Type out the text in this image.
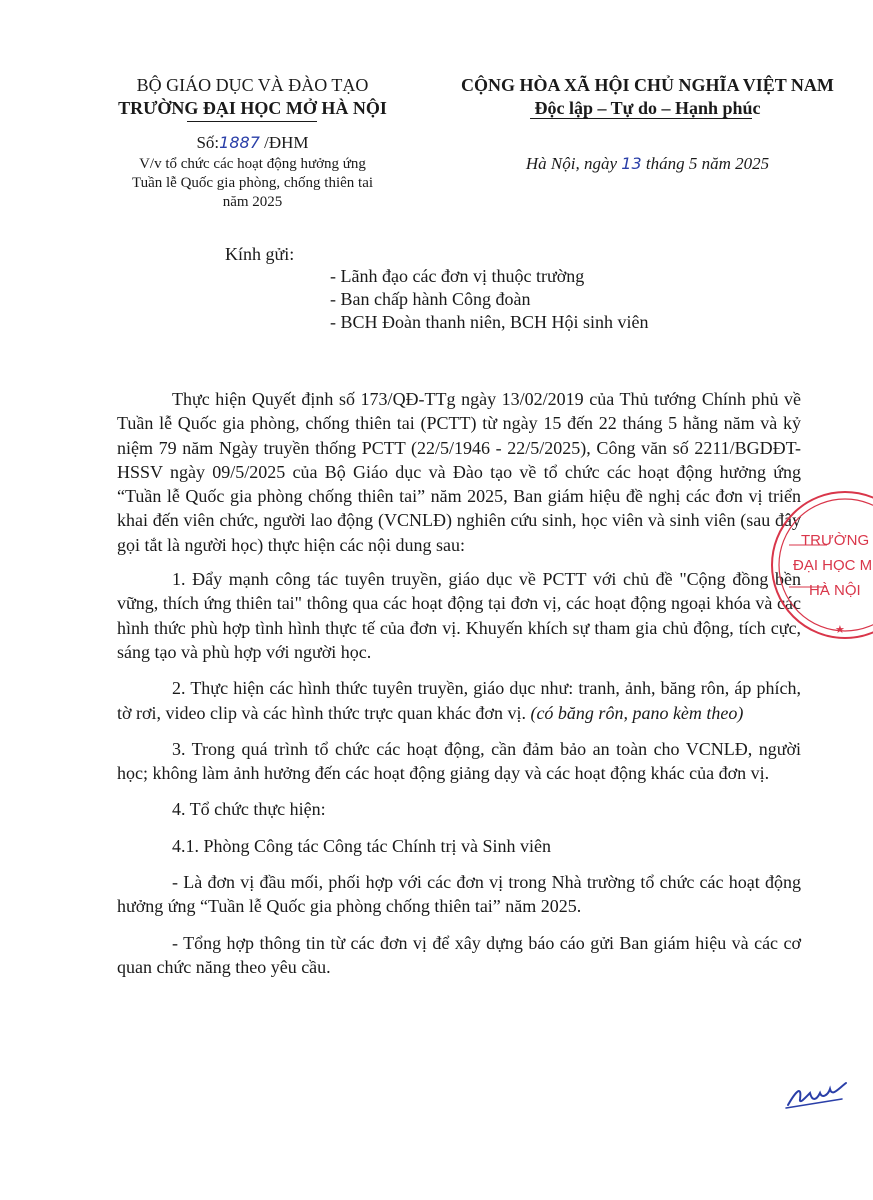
BỘ GIÁO DỤC VÀ ĐÀO TẠO
TRƯỜNG ĐẠI HỌC MỞ HÀ NỘI
CỘNG HÒA XÃ HỘI CHỦ NGHĨA VIỆT NAM
Độc lập – Tự do – Hạnh phúc
Số:1887 /ĐHM
V/v tổ chức các hoạt động hưởng ứng
Tuần lễ Quốc gia phòng, chống thiên tai
năm 2025
Hà Nội, ngày 13 tháng 5 năm 2025
Kính gửi:
- Lãnh đạo các đơn vị thuộc trường
- Ban chấp hành Công đoàn
- BCH Đoàn thanh niên, BCH Hội sinh viên

Thực hiện Quyết định số 173/QĐ-TTg ngày 13/02/2019 của Thủ tướng Chính phủ về Tuần lễ Quốc gia phòng, chống thiên tai (PCTT) từ ngày 15 đến 22 tháng 5 hằng năm và kỷ niệm 79 năm Ngày truyền thống PCTT (22/5/1946 - 22/5/2025), Công văn số 2211/BGDĐT-HSSV ngày 09/5/2025 của Bộ Giáo dục và Đào tạo về tổ chức các hoạt động hưởng ứng “Tuần lễ Quốc gia phòng chống thiên tai” năm 2025, Ban giám hiệu đề nghị các đơn vị triển khai đến viên chức, người lao động (VCNLĐ) nghiên cứu sinh, học viên và sinh viên (sau đây gọi tắt là người học) thực hiện các nội dung sau:

1. Đẩy mạnh công tác tuyên truyền, giáo dục về PCTT với chủ đề "Cộng đồng bền vững, thích ứng thiên tai" thông qua các hoạt động tại đơn vị, các hoạt động ngoại khóa và các hình thức phù hợp tình hình thực tế của đơn vị. Khuyến khích sự tham gia chủ động, tích cực, sáng tạo và phù hợp với người học.

2. Thực hiện các hình thức tuyên truyền, giáo dục như: tranh, ảnh, băng rôn, áp phích, tờ rơi, video clip và các hình thức trực quan khác đơn vị. (có băng rôn, pano kèm theo)

3. Trong quá trình tổ chức các hoạt động, cần đảm bảo an toàn cho VCNLĐ, người học; không làm ảnh hưởng đến các hoạt động giảng dạy và các hoạt động khác của đơn vị.

4. Tổ chức thực hiện:

4.1. Phòng Công tác Công tác Chính trị và Sinh viên

- Là đơn vị đầu mối, phối hợp với các đơn vị trong Nhà trường tổ chức các hoạt động hưởng ứng “Tuần lễ Quốc gia phòng chống thiên tai” năm 2025.

- Tổng hợp thông tin từ các đơn vị để xây dựng báo cáo gửi Ban giám hiệu và các cơ quan chức năng theo yêu cầu.

TRƯỜNG
ĐẠI HỌC M
HÀ NỘI
★
